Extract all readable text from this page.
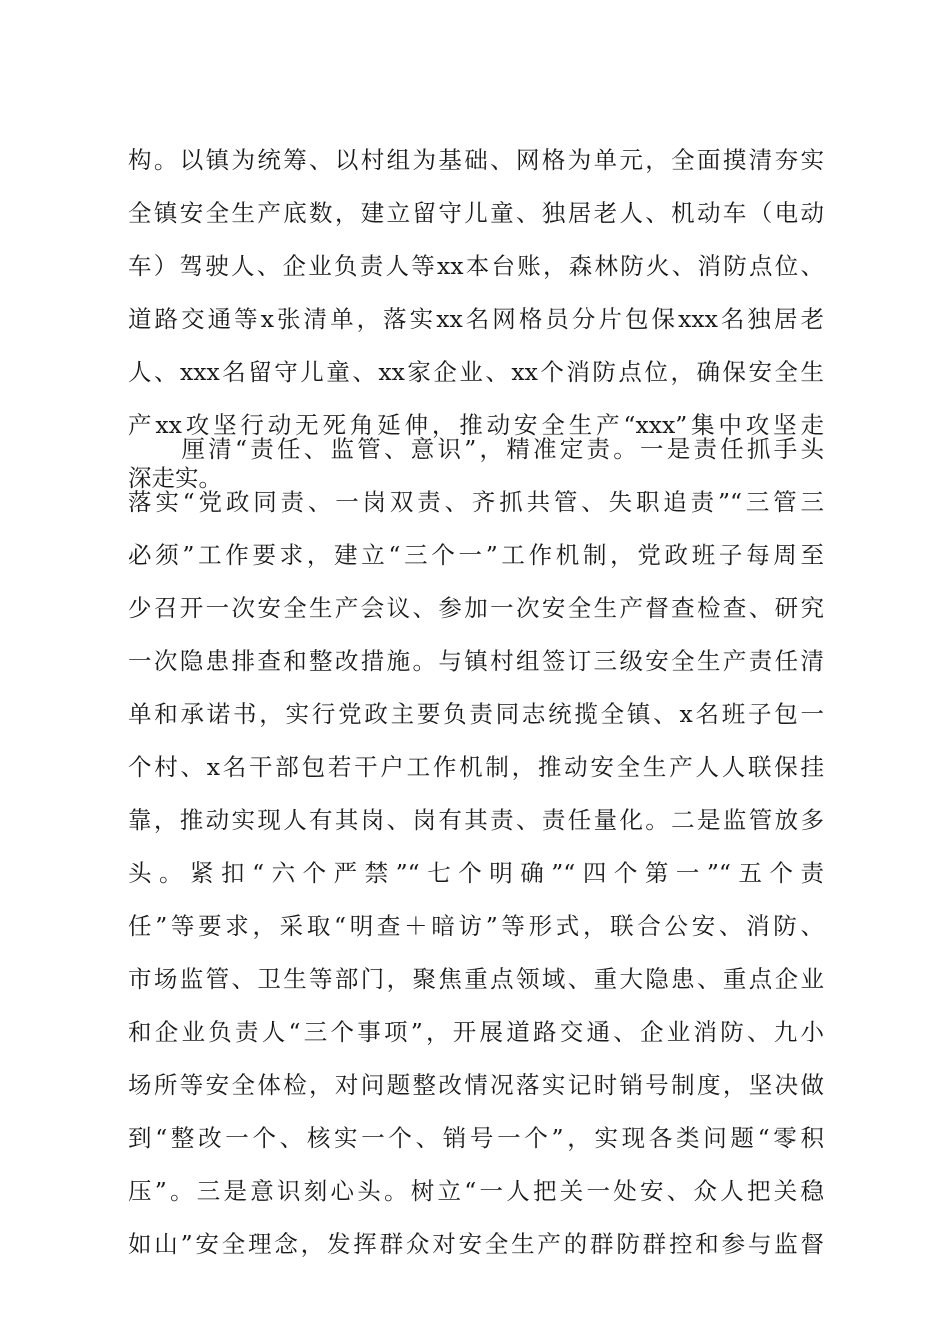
构。以镇为统筹、以村组为基础、网格为单元，全面摸清夯实
全镇安全生产底数，建立留守儿童、独居老人、机动车（电动
车）驾驶人、企业负责人等xx本台账，森林防火、消防点位、
道路交通等x张清单，落实xx名网格员分片包保xxx名独居老
人、xxx名留守儿童、xx家企业、xx个消防点位，确保安全生
产xx攻坚行动无死角延伸，推动安全生产“xxx”集中攻坚走
深走实。
　　厘清“责任、监管、意识”，精准定责。一是责任抓手头
落实“党政同责、一岗双责、齐抓共管、失职追责”“三管三
必须”工作要求，建立“三个一”工作机制，党政班子每周至
少召开一次安全生产会议、参加一次安全生产督查检查、研究
一次隐患排查和整改措施。与镇村组签订三级安全生产责任清
单和承诺书，实行党政主要负责同志统揽全镇、x名班子包一
个村、x名干部包若干户工作机制，推动安全生产人人联保挂
靠，推动实现人有其岗、岗有其责、责任量化。二是监管放多
头。紧扣“六个严禁”“七个明确”“四个第一”“五个责
任”等要求，采取“明查＋暗访”等形式，联合公安、消防、
市场监管、卫生等部门，聚焦重点领域、重大隐患、重点企业
和企业负责人“三个事项”，开展道路交通、企业消防、九小
场所等安全体检，对问题整改情况落实记时销号制度，坚决做
到“整改一个、核实一个、销号一个”，实现各类问题“零积
压”。三是意识刻心头。树立“一人把关一处安、众人把关稳
如山”安全理念，发挥群众对安全生产的群防群控和参与监督
